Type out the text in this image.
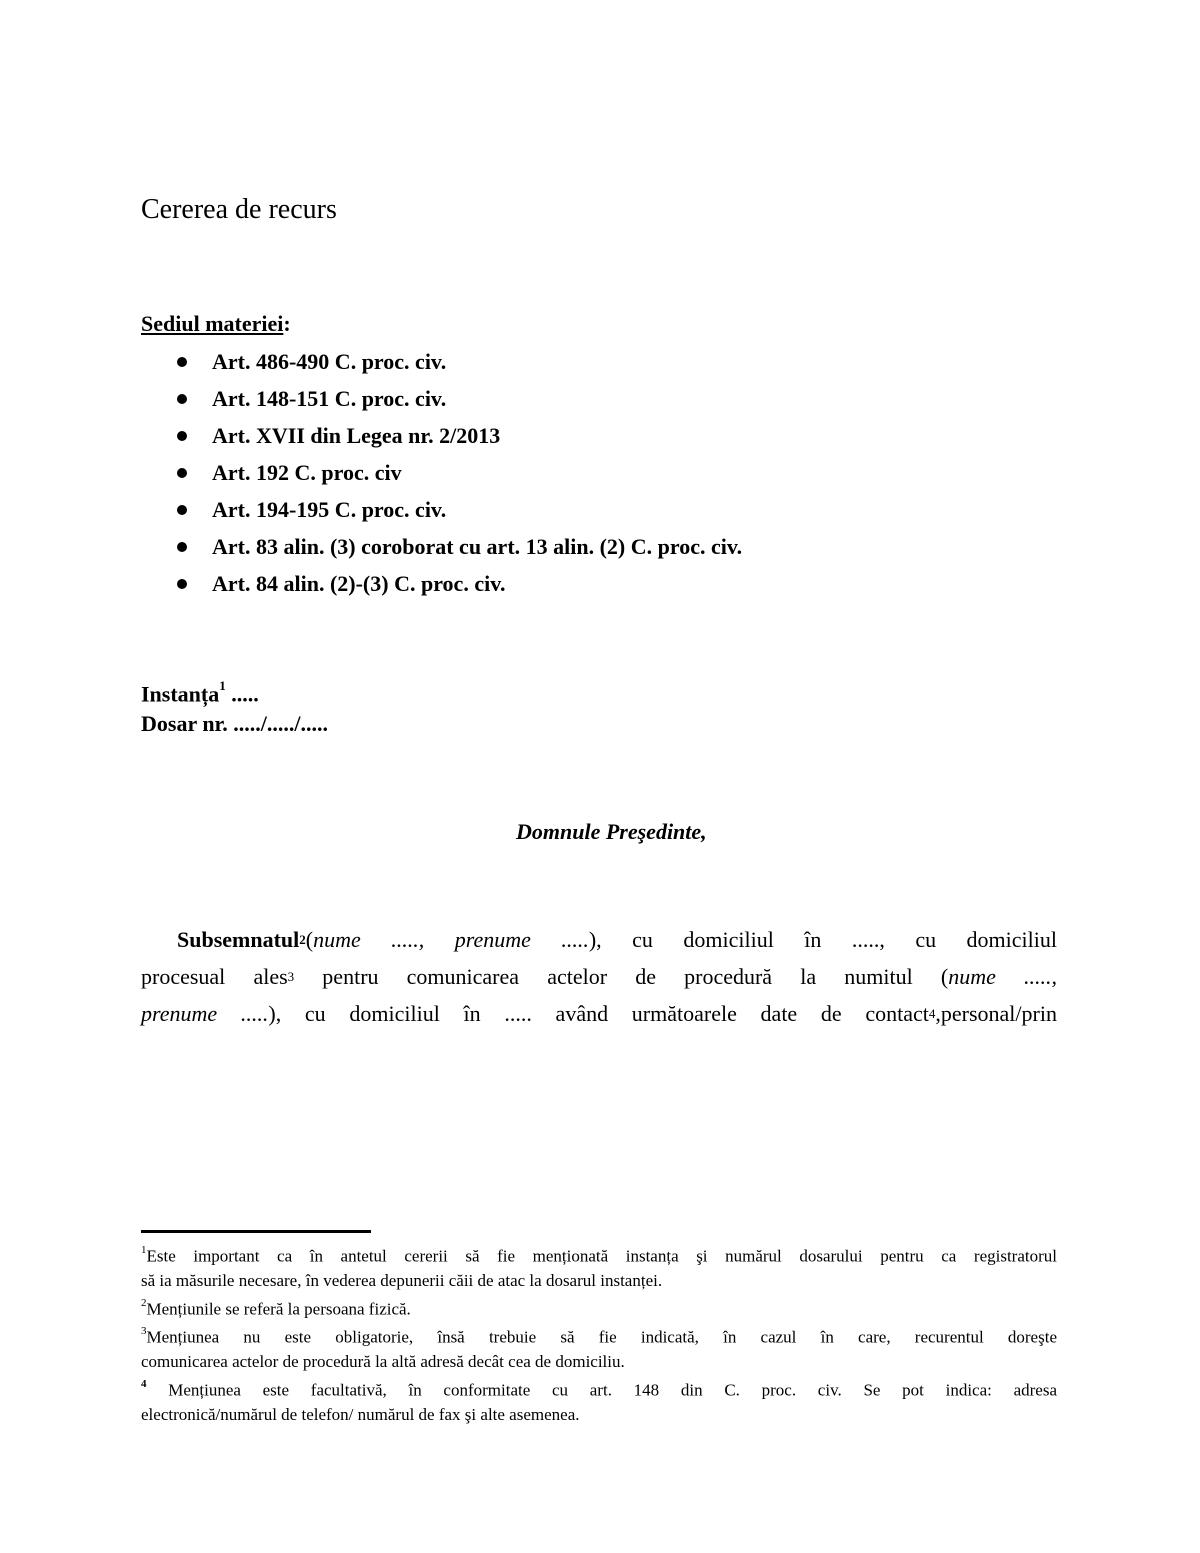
Cererea de recurs
Sediul materiei:
Art. 486-490 C. proc. civ.
Art. 148-151 C. proc. civ.
Art. XVII din Legea nr. 2/2013
Art. 192 C. proc. civ
Art. 194-195 C. proc. civ.
Art. 83 alin. (3) coroborat cu art. 13 alin. (2) C. proc. civ.
Art. 84 alin. (2)-(3) C. proc. civ.
Instanța$^1$ .....
Dosar nr. ...../...../.....
Domnule Preşedinte,
Subsemnatul$^2$(nume ....., prenume .....), cu domiciliul în ....., cu domiciliul
procesual ales$^3$ pentru comunicarea actelor de procedură la numitul (nume .....,
prenume .....), cu domiciliul în ..... având următoarele date de contact$^4$,personal/prin

$^1$Este important ca în antetul cererii să fie menționată instanța şi numărul dosarului pentru ca registratorul
să ia măsurile necesare, în vederea depunerii căii de atac la dosarul instanței.

$^2$Mențiunile se referă la persoana fizică.

$^3$Mențiunea nu este obligatorie, însă trebuie să fie indicată, în cazul în care, recurentul doreşte
comunicarea actelor de procedură la altă adresă decât cea de domiciliu.

$^4$ Mențiunea este facultativă, în conformitate cu art. 148 din C. proc. civ. Se pot indica: adresa
electronică/numărul de telefon/ numărul de fax şi alte asemenea.
